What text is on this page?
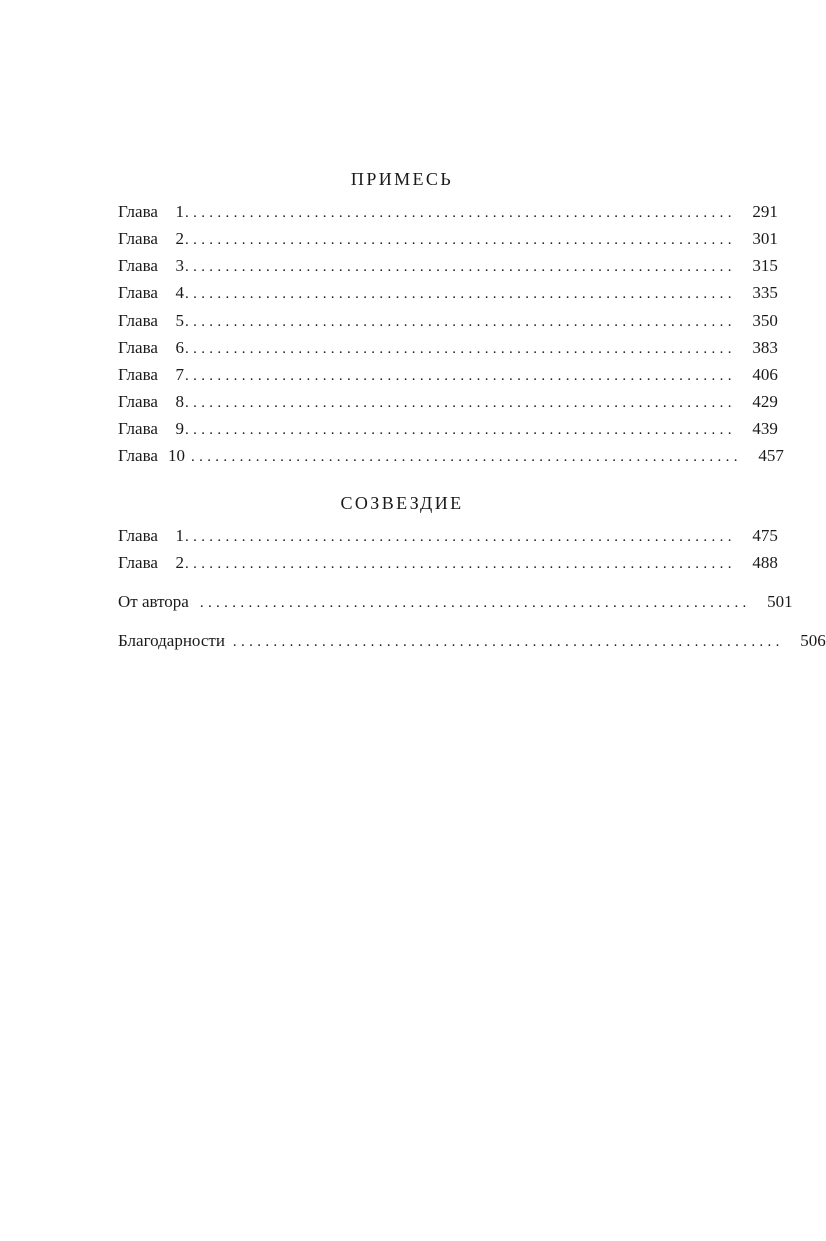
ПРИМЕСЬ
Глава 1 .................................................................... 291
Глава 2 .................................................................... 301
Глава 3 .................................................................... 315
Глава 4 .................................................................... 335
Глава 5 .................................................................... 350
Глава 6 .................................................................... 383
Глава 7 .................................................................... 406
Глава 8 .................................................................... 429
Глава 9 .................................................................... 439
Глава 10 .................................................................... 457
СОЗВЕЗДИЕ
Глава 1 .................................................................... 475
Глава 2 .................................................................... 488
От автора .................................................................... 501
Благодарности .................................................................... 506
